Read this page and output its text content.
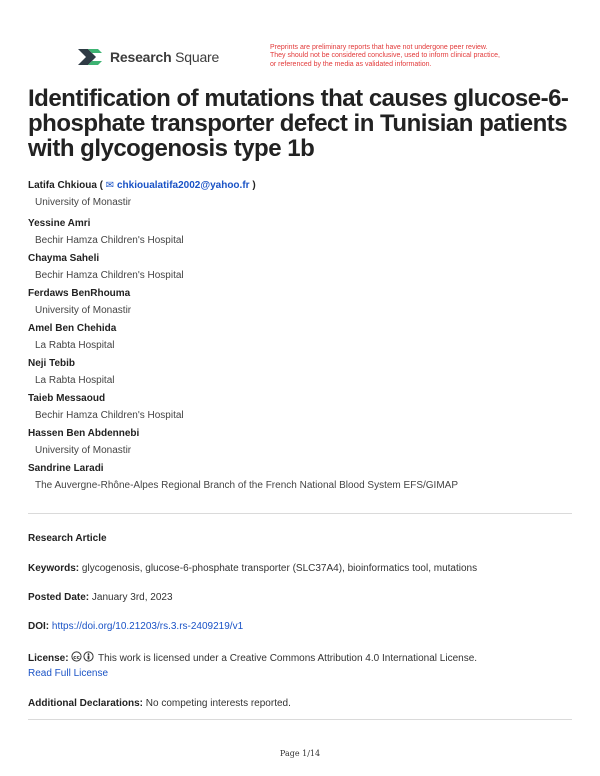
Research Square
Preprints are preliminary reports that have not undergone peer review.
They should not be considered conclusive, used to inform clinical practice,
or referenced by the media as validated information.
Identification of mutations that causes glucose-6-phosphate transporter defect in Tunisian patients with glycogenosis type 1b
Latifa Chkioua ( ✉ chkioualatifa2002@yahoo.fr )
University of Monastir
Yessine Amri
Bechir Hamza Children's Hospital
Chayma Saheli
Bechir Hamza Children's Hospital
Ferdaws BenRhouma
University of Monastir
Amel Ben Chehida
La Rabta Hospital
Neji Tebib
La Rabta Hospital
Taieb Messaoud
Bechir Hamza Children's Hospital
Hassen Ben Abdennebi
University of Monastir
Sandrine Laradi
The Auvergne-Rhône-Alpes Regional Branch of the French National Blood System EFS/GIMAP
Research Article
Keywords: glycogenosis, glucose-6-phosphate transporter (SLC37A4), bioinformatics tool, mutations
Posted Date: January 3rd, 2023
DOI: https://doi.org/10.21203/rs.3.rs-2409219/v1
License: cc This work is licensed under a Creative Commons Attribution 4.0 International License.
Read Full License
Additional Declarations: No competing interests reported.
Page 1/14
